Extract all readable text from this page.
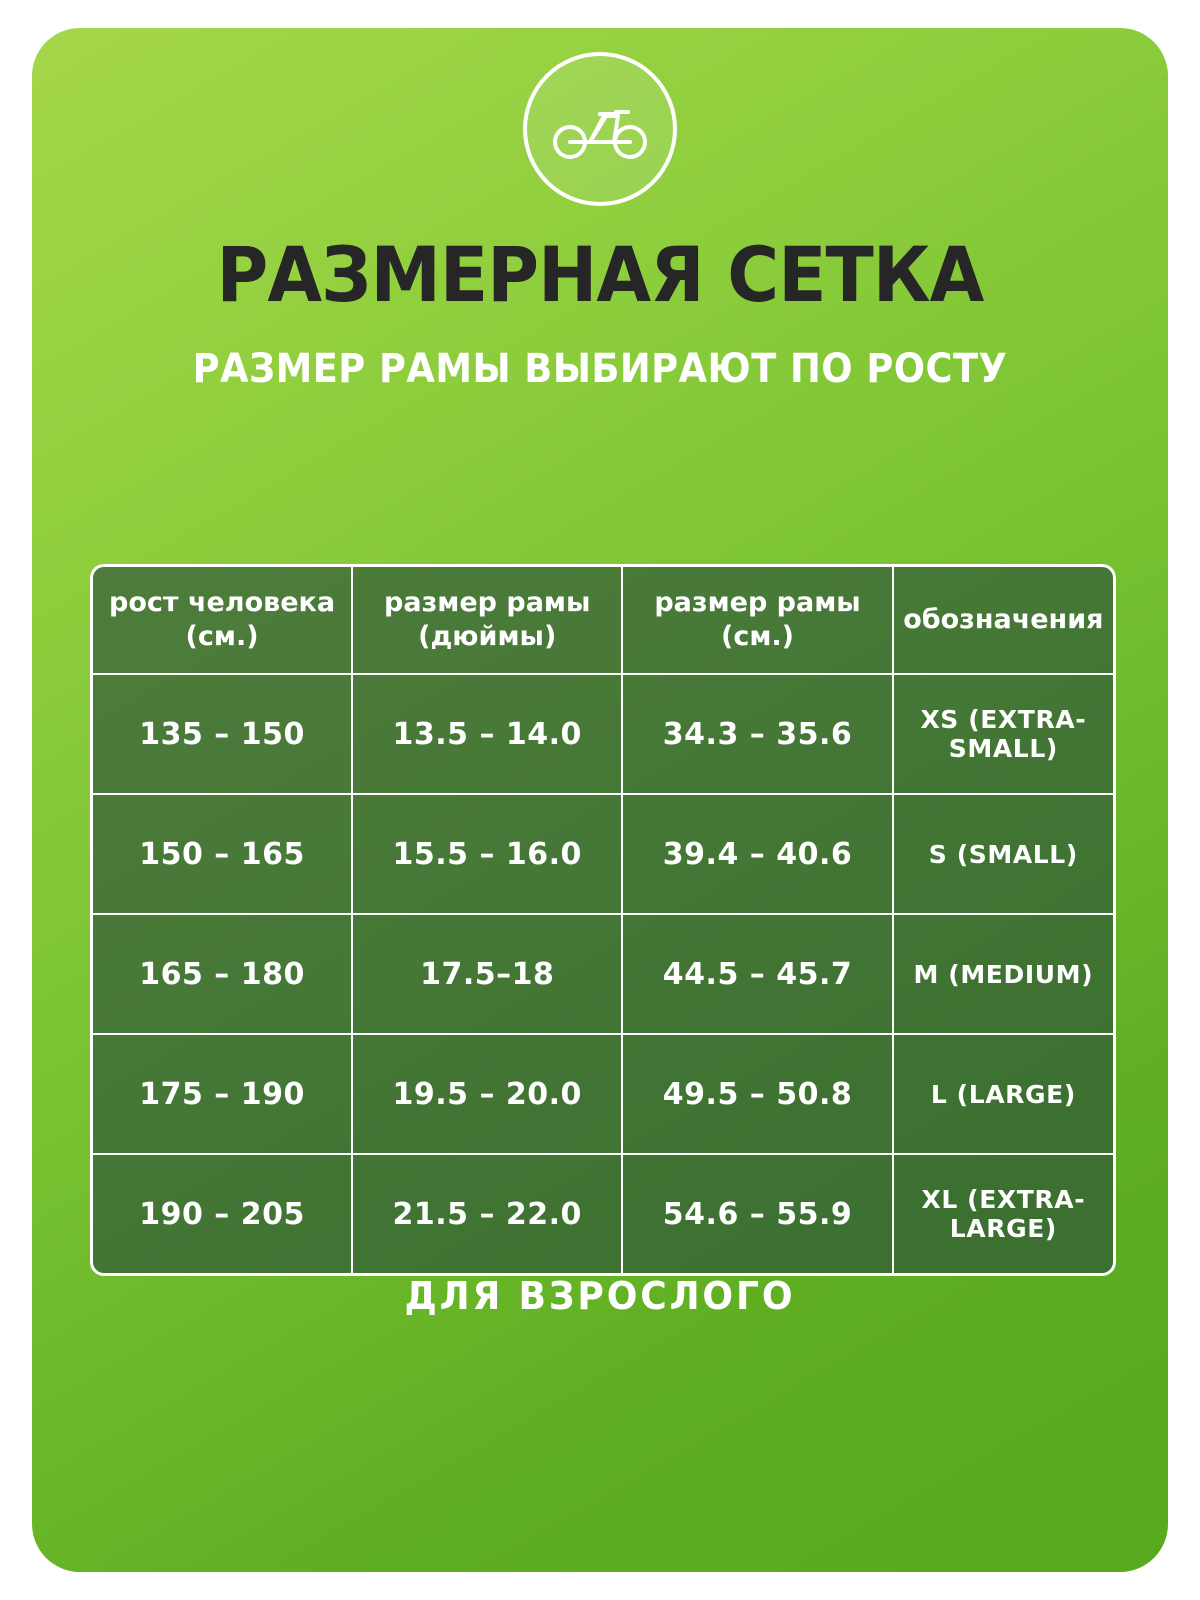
РАЗМЕРНАЯ СЕТКА
РАЗМЕР РАМЫ ВЫБИРАЮТ ПО РОСТУ
рост человека (см.)	размер рамы (дюймы)	размер рамы (см.)	обозначения
135 – 150	13.5 – 14.0	34.3 – 35.6	XS (EXTRA-SMALL)
150 – 165	15.5 – 16.0	39.4 – 40.6	S (SMALL)
165 – 180	17.5–18	44.5 – 45.7	M (MEDIUM)
175 – 190	19.5 – 20.0	49.5 – 50.8	L (LARGE)
190 – 205	21.5 – 22.0	54.6 – 55.9	XL (EXTRA-LARGE)
ДЛЯ ВЗРОСЛОГО
